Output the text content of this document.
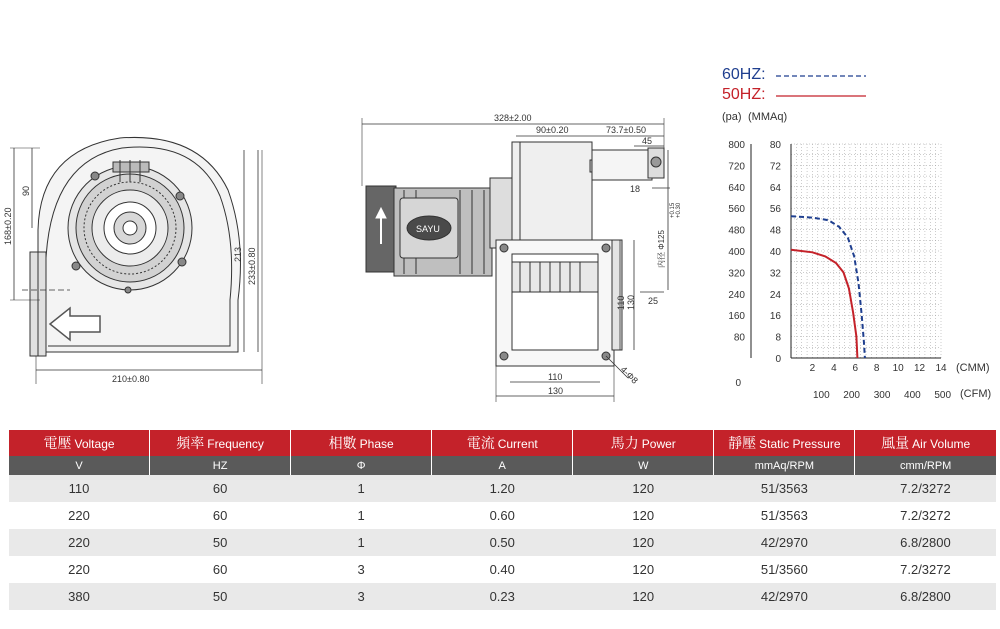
168±0.20
90
213 233±0.80
210±0.80
SAYU
328±2.00
90±0.20	73.7±0.50
45
18
内径 Φ125
+0.15 +0.30
110 130 25
110
130
4-Φ8
60HZ:
50HZ:
(pa) (MMAq)
(CMM)
(CFM)
800 80
720 72
640 64
560 56
480 48
400 40
320 32
240 24
160 16
80	8
0
0
2 4 6 8 10 12 14
100 200 300 400 500
電壓 Voltage	頻率 Frequency	相數 Phase	電流 Current	馬力 Power	靜壓 Static Pressure	風量 Air Volume
V	HZ	Φ	A	W	mmAq/RPM	cmm/RPM
110	60	1	1.20	120	51/3563	7.2/3272
220	60	1	0.60	120	51/3563	7.2/3272
220	50	1	0.50	120	42/2970	6.8/2800
220	60	3	0.40	120	51/3560	7.2/3272
380	50	3	0.23	120	42/2970	6.8/2800
